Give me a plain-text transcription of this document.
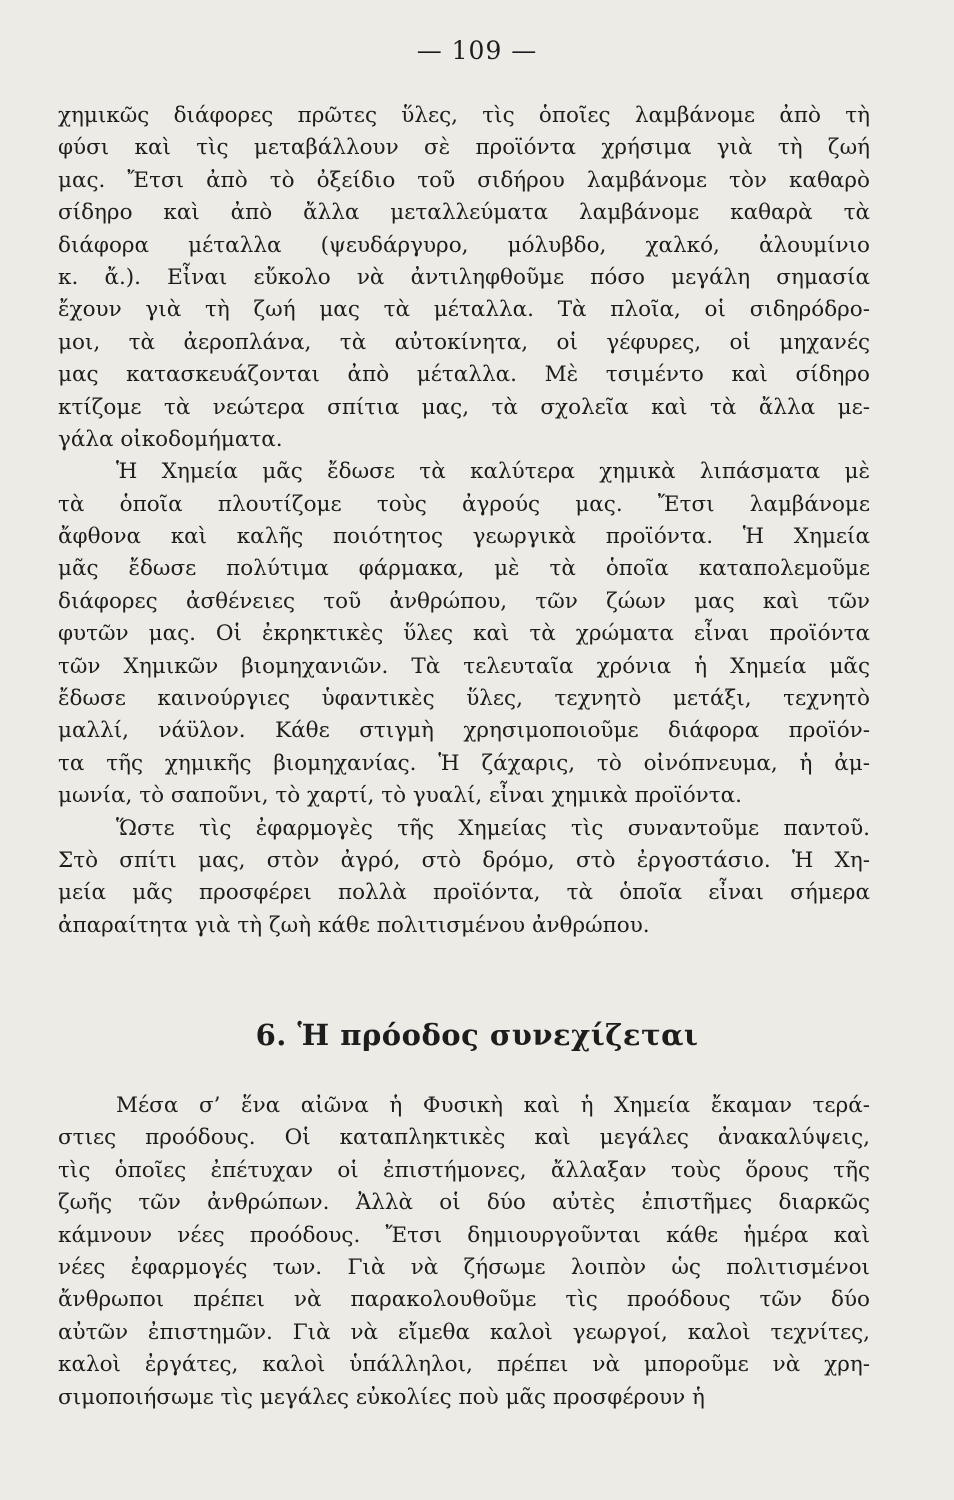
— 109 —
χημικῶς διάφορες πρῶτες ὕλες, τὶς ὁποῖες λαμβάνομε ἀπὸ τὴ
φύσι καὶ τὶς μεταβάλλουν σὲ προϊόντα χρήσιμα γιὰ τὴ ζωή
μας. Ἔτσι ἀπὸ τὸ ὀξείδιο τοῦ σιδήρου λαμβάνομε τὸν καθαρὸ
σίδηρο καὶ ἀπὸ ἄλλα μεταλλεύματα λαμβάνομε καθαρὰ τὰ
διάφορα μέταλλα (ψευδάργυρο, μόλυβδο, χαλκό, ἀλουμίνιο
κ. ἄ.). Εἶναι εὔκολο νὰ ἀντιληφθοῦμε πόσο μεγάλη σημασία
ἔχουν γιὰ τὴ ζωή μας τὰ μέταλλα. Τὰ πλοῖα, οἱ σιδηρόδρο-
μοι, τὰ ἀεροπλάνα, τὰ αὐτοκίνητα, οἱ γέφυρες, οἱ μηχανές
μας κατασκευάζονται ἀπὸ μέταλλα. Μὲ τσιμέντο καὶ σίδηρο
κτίζομε τὰ νεώτερα σπίτια μας, τὰ σχολεῖα καὶ τὰ ἄλλα με-
γάλα οἰκοδομήματα.
Ἡ Χημεία μᾶς ἔδωσε τὰ καλύτερα χημικὰ λιπάσματα μὲ
τὰ ὁποῖα πλουτίζομε τοὺς ἀγρούς μας. Ἔτσι λαμβάνομε
ἄφθονα καὶ καλῆς ποιότητος γεωργικὰ προϊόντα. Ἡ Χημεία
μᾶς ἔδωσε πολύτιμα φάρμακα, μὲ τὰ ὁποῖα καταπολεμοῦμε
διάφορες ἀσθένειες τοῦ ἀνθρώπου, τῶν ζώων μας καὶ τῶν
φυτῶν μας. Οἱ ἐκρηκτικὲς ὕλες καὶ τὰ χρώματα εἶναι προϊόντα
τῶν Χημικῶν βιομηχανιῶν. Τὰ τελευταῖα χρόνια ἡ Χημεία μᾶς
ἔδωσε καινούργιες ὑφαντικὲς ὕλες, τεχνητὸ μετάξι, τεχνητὸ
μαλλί, νάϋλον. Κάθε στιγμὴ χρησιμοποιοῦμε διάφορα προϊόν-
τα τῆς χημικῆς βιομηχανίας. Ἡ ζάχαρις, τὸ οἰνόπνευμα, ἡ ἀμ-
μωνία, τὸ σαποῦνι, τὸ χαρτί, τὸ γυαλί, εἶναι χημικὰ προϊόντα.
Ὥστε τὶς ἐφαρμογὲς τῆς Χημείας τὶς συναντοῦμε παντοῦ.
Στὸ σπίτι μας, στὸν ἀγρό, στὸ δρόμο, στὸ ἐργοστάσιο. Ἡ Χη-
μεία μᾶς προσφέρει πολλὰ προϊόντα, τὰ ὁποῖα εἶναι σήμερα
ἀπαραίτητα γιὰ τὴ ζωὴ κάθε πολιτισμένου ἀνθρώπου.
6. Ἡ πρόοδος συνεχίζεται
Μέσα σ’ ἕνα αἰῶνα ἡ Φυσικὴ καὶ ἡ Χημεία ἔκαμαν τερά-
στιες προόδους. Οἱ καταπληκτικὲς καὶ μεγάλες ἀνακαλύψεις,
τὶς ὁποῖες ἐπέτυχαν οἱ ἐπιστήμονες, ἄλλαξαν τοὺς ὅρους τῆς
ζωῆς τῶν ἀνθρώπων. Ἀλλὰ οἱ δύο αὐτὲς ἐπιστῆμες διαρκῶς
κάμνουν νέες προόδους. Ἔτσι δημιουργοῦνται κάθε ἡμέρα καὶ
νέες ἐφαρμογές των. Γιὰ νὰ ζήσωμε λοιπὸν ὡς πολιτισμένοι
ἄνθρωποι πρέπει νὰ παρακολουθοῦμε τὶς προόδους τῶν δύο
αὐτῶν ἐπιστημῶν. Γιὰ νὰ εἴμεθα καλοὶ γεωργοί, καλοὶ τεχνίτες,
καλοὶ ἐργάτες, καλοὶ ὑπάλληλοι, πρέπει νὰ μποροῦμε νὰ χρη-
σιμοποιήσωμε τὶς μεγάλες εὐκολίες ποὺ μᾶς προσφέρουν ἡ
